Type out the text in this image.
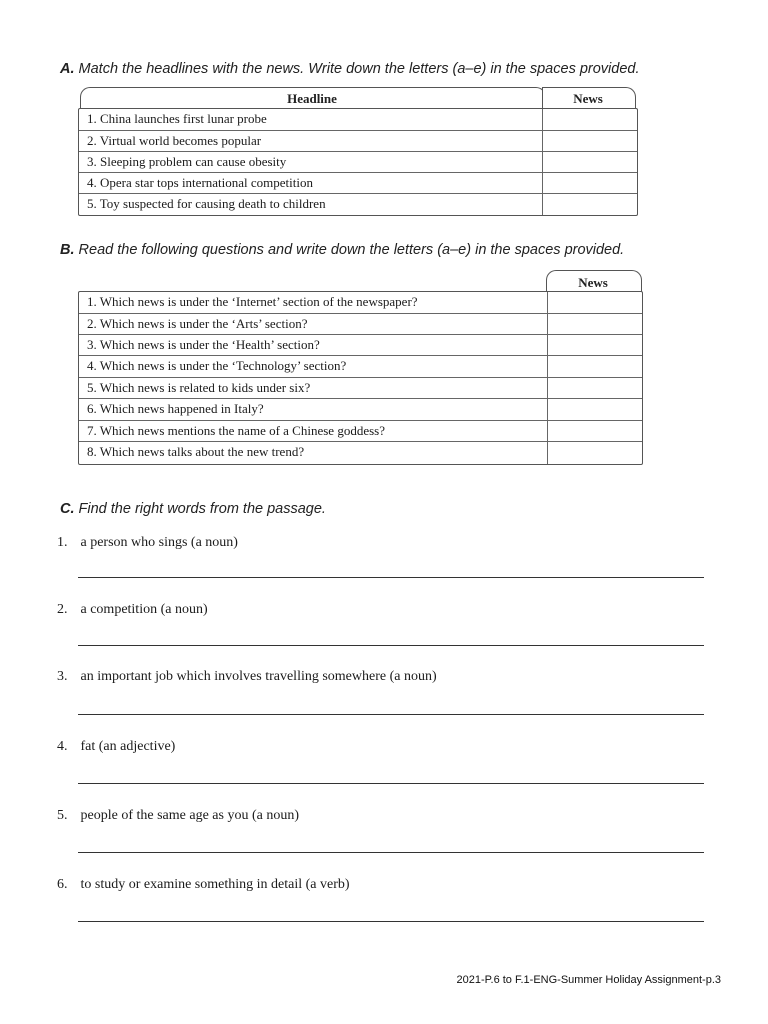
A. Match the headlines with the news. Write down the letters (a–e) in the spaces provided.
Headline	News
1. China launches first lunar probe
2. Virtual world becomes popular
3. Sleeping problem can cause obesity
4. Opera star tops international competition
5. Toy suspected for causing death to children
B. Read the following questions and write down the letters (a–e) in the spaces provided.
News
1. Which news is under the ‘Internet’ section of the newspaper?
2. Which news is under the ‘Arts’ section?
3. Which news is under the ‘Health’ section?
4. Which news is under the ‘Technology’ section?
5. Which news is related to kids under six?
6. Which news happened in Italy?
7. Which news mentions the name of a Chinese goddess?
8. Which news talks about the new trend?
C. Find the right words from the passage.
1. a person who sings (a noun)
2. a competition (a noun)
3. an important job which involves travelling somewhere (a noun)
4. fat (an adjective)
5. people of the same age as you (a noun)
6. to study or examine something in detail (a verb)
2021-P.6 to F.1-ENG-Summer Holiday Assignment-p.3
